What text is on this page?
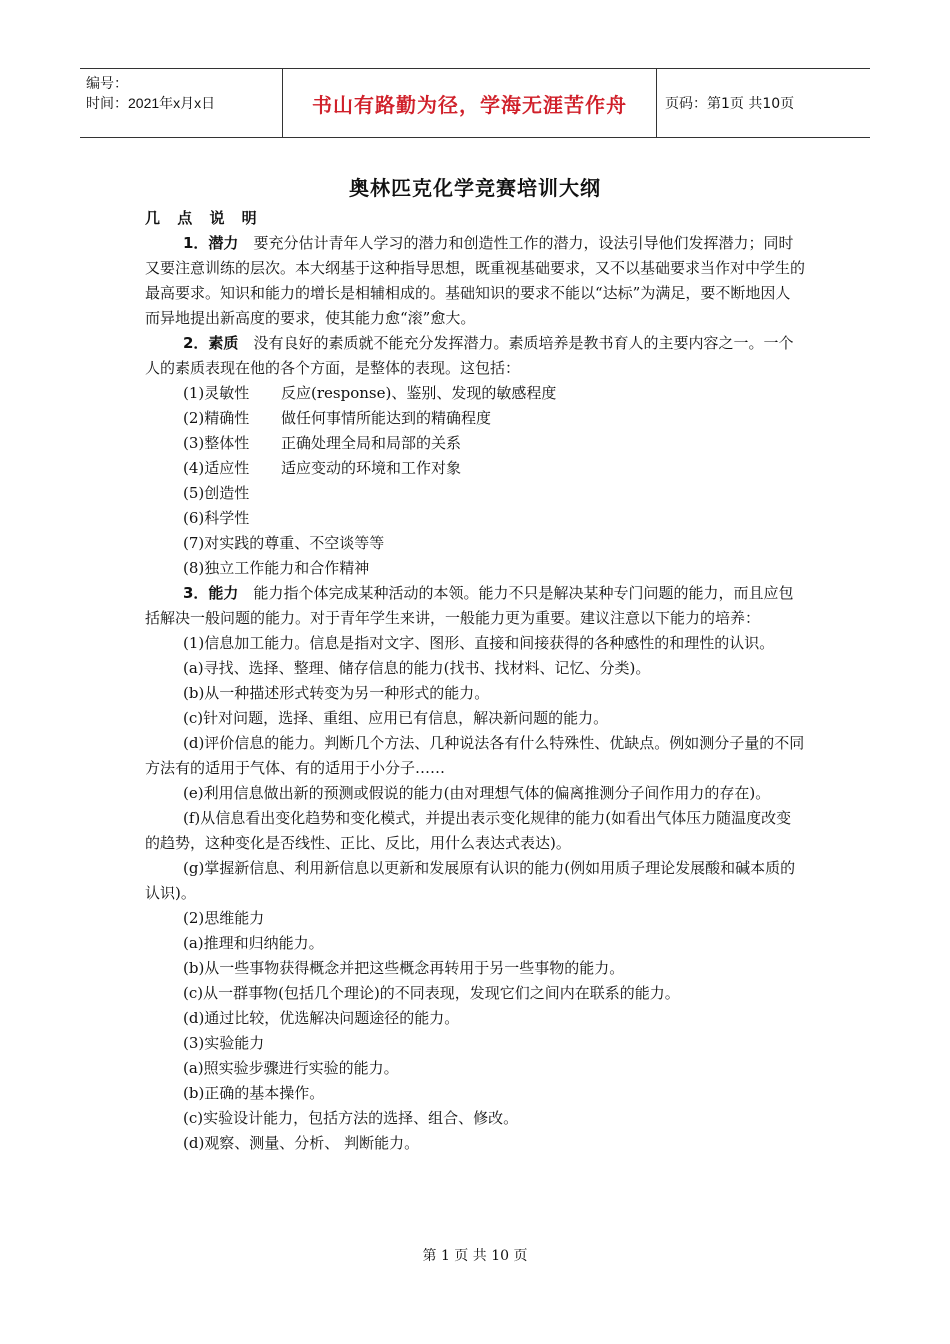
编号：
时间：2021年x月x日	书山有路勤为径，学海无涯苦作舟	页码：第1页 共10页
奥林匹克化学竞赛培训大纲

几 点 说 明

1．潜力　要充分估计青年人学习的潜力和创造性工作的潜力，设法引导他们发挥潜力；同时又要注意训练的层次。本大纲基于这种指导思想，既重视基础要求，又不以基础要求当作对中学生的最高要求。知识和能力的增长是相辅相成的。基础知识的要求不能以“达标”为满足，要不断地因人而异地提出新高度的要求，使其能力愈“滚”愈大。

2．素质　没有良好的素质就不能充分发挥潜力。素质培养是教书育人的主要内容之一。一个人的素质表现在他的各个方面，是整体的表现。这包括：

(1)灵敏性 反应(response)、鉴别、发现的敏感程度

(2)精确性 做任何事情所能达到的精确程度

(3)整体性 正确处理全局和局部的关系

(4)适应性 适应变动的环境和工作对象

(5)创造性

(6)科学性

(7)对实践的尊重、不空谈等等

(8)独立工作能力和合作精神

3．能力　能力指个体完成某种活动的本领。能力不只是解决某种专门问题的能力，而且应包括解决一般问题的能力。对于青年学生来讲，一般能力更为重要。建议注意以下能力的培养：

(1)信息加工能力。信息是指对文字、图形、直接和间接获得的各种感性的和理性的认识。

(a)寻找、选择、整理、储存信息的能力(找书、找材料、记忆、分类)。

(b)从一种描述形式转变为另一种形式的能力。

(c)针对问题，选择、重组、应用已有信息，解决新问题的能力。

(d)评价信息的能力。判断几个方法、几种说法各有什么特殊性、优缺点。例如测分子量的不同方法有的适用于气体、有的适用于小分子……

(e)利用信息做出新的预测或假说的能力(由对理想气体的偏离推测分子间作用力的存在)。

(f)从信息看出变化趋势和变化模式，并提出表示变化规律的能力(如看出气体压力随温度改变的趋势，这种变化是否线性、正比、反比，用什么表达式表达)。

(g)掌握新信息、利用新信息以更新和发展原有认识的能力(例如用质子理论发展酸和碱本质的认识)。

(2)思维能力

(a)推理和归纳能力。

(b)从一些事物获得概念并把这些概念再转用于另一些事物的能力。

(c)从一群事物(包括几个理论)的不同表现，发现它们之间内在联系的能力。

(d)通过比较，优选解决问题途径的能力。

(3)实验能力

(a)照实验步骤进行实验的能力。

(b)正确的基本操作。

(c)实验设计能力，包括方法的选择、组合、修改。

(d)观察、测量、分析、 判断能力。

第 1 页 共 10 页
